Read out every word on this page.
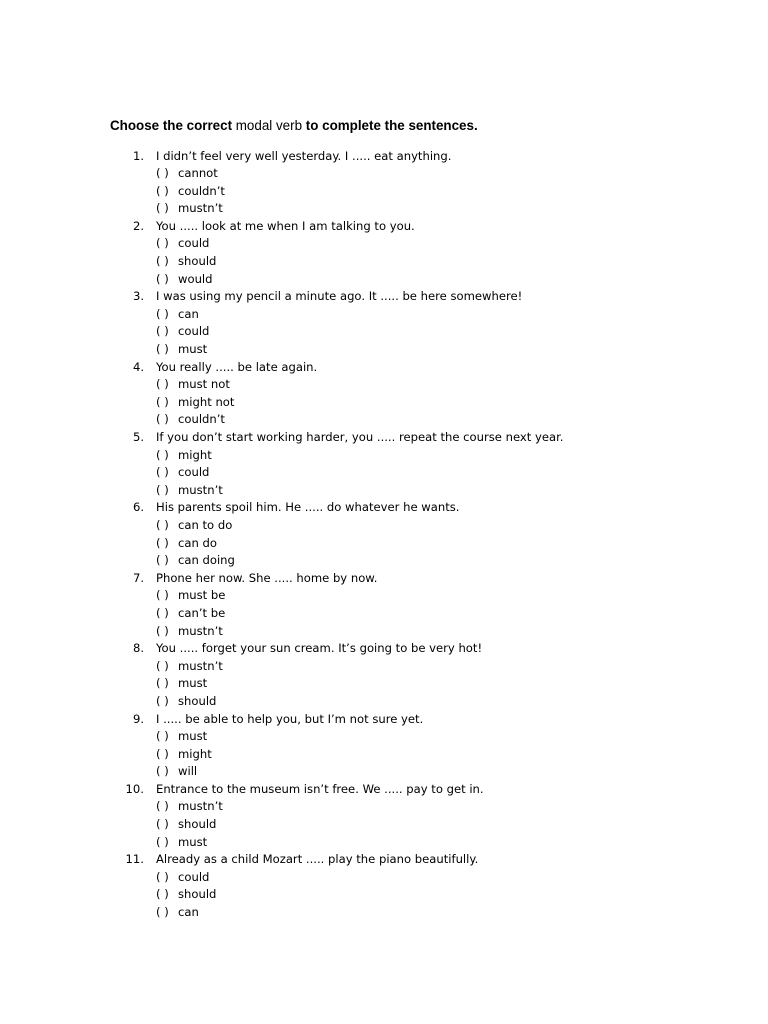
Choose the correct modal verb to complete the sentences.
1. I didn’t feel very well yesterday. I ..... eat anything.
( ) cannot
( ) couldn’t
( ) mustn’t
2. You ..... look at me when I am talking to you.
( ) could
( ) should
( ) would
3. I was using my pencil a minute ago. It ..... be here somewhere!
( ) can
( ) could
( ) must
4. You really ..... be late again.
( ) must not
( ) might not
( ) couldn’t
5. If you don’t start working harder, you ..... repeat the course next year.
( ) might
( ) could
( ) mustn’t
6. His parents spoil him. He ..... do whatever he wants.
( ) can to do
( ) can do
( ) can doing
7. Phone her now. She ..... home by now.
( ) must be
( ) can’t be
( ) mustn’t
8. You ..... forget your sun cream. It’s going to be very hot!
( ) mustn’t
( ) must
( ) should
9. I ..... be able to help you, but I’m not sure yet.
( ) must
( ) might
( ) will
10. Entrance to the museum isn’t free. We ..... pay to get in.
( ) mustn’t
( ) should
( ) must
11. Already as a child Mozart ..... play the piano beautifully.
( ) could
( ) should
( ) can
